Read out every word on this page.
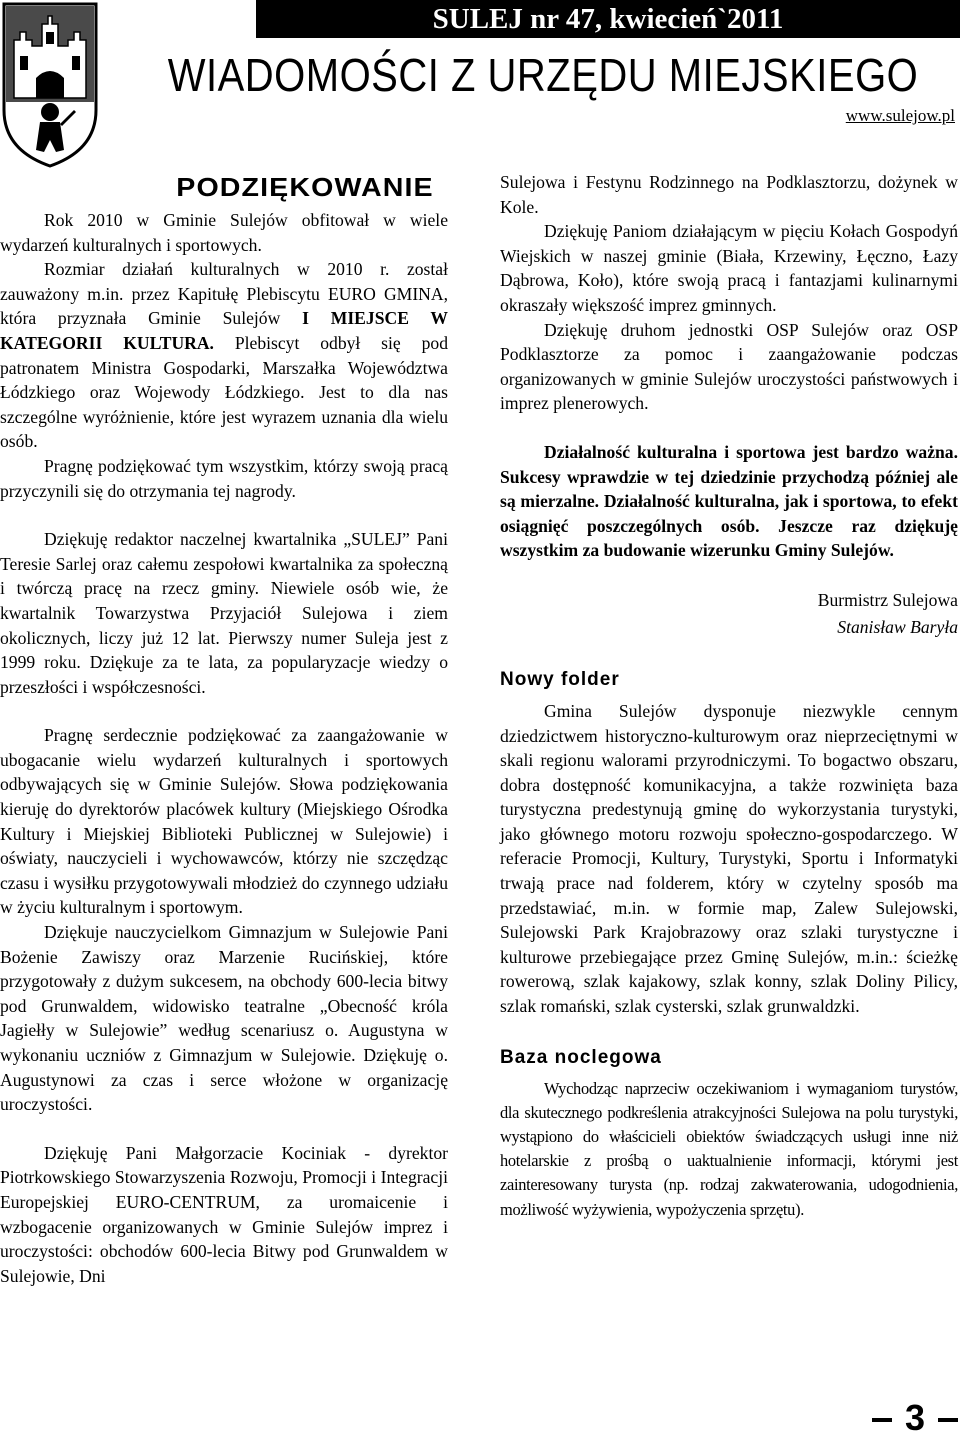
SULEJ nr 47, kwiecień`2011
WIADOMOŚCI Z URZĘDU MIEJSKIEGO
www.sulejow.pl
PODZIĘKOWANIE

Rok 2010 w Gminie Sulejów obfitował w wiele wydarzeń kulturalnych i sportowych.

Rozmiar działań kulturalnych w 2010 r. został zauważony m.in. przez Kapitułę Plebiscytu EURO GMINA, która przyznała Gminie Sulejów I MIEJSCE W KATEGORII KULTURA. Plebiscyt odbył się pod patronatem Ministra Gospodarki, Marszałka Województwa Łódzkiego oraz Wojewody Łódzkiego. Jest to dla nas szczególne wyróżnienie, które jest wyrazem uznania dla wielu osób.

Pragnę podziękować tym wszystkim, którzy swoją pracą przyczynili się do otrzymania tej nagrody.

Dziękuję redaktor naczelnej kwartalnika „SULEJ” Pani Teresie Sarlej oraz całemu zespołowi kwartalnika za społeczną i twórczą pracę na rzecz gminy. Niewiele osób wie, że kwartalnik Towarzystwa Przyjaciół Sulejowa i ziem okolicznych, liczy już 12 lat. Pierwszy numer Suleja jest z 1999 roku. Dziękuje za te lata, za popularyzacje wiedzy o przeszłości i współczesności.

Pragnę serdecznie podziękować za zaangażowanie w ubogacanie wielu wydarzeń kulturalnych i sportowych odbywających się w Gminie Sulejów. Słowa podziękowania kieruję do dyrektorów placówek kultury (Miejskiego Ośrodka Kultury i Miejskiej Biblioteki Publicznej w Sulejowie) i oświaty, nauczycieli i wychowawców, którzy nie szczędząc czasu i wysiłku przygotowywali młodzież do czynnego udziału w życiu kulturalnym i sportowym.

Dziękuje nauczycielkom Gimnazjum w Sulejowie Pani Bożenie Zawiszy oraz Marzenie Rucińskiej, które przygotowały z dużym sukcesem, na obchody 600-lecia bitwy pod Grunwaldem, widowisko teatralne „Obecność króla Jagiełły w Sulejowie” według scenariusz o. Augustyna w wykonaniu uczniów z Gimnazjum w Sulejowie. Dziękuję o. Augustynowi za czas i serce włożone w organizację uroczystości.

Dziękuję Pani Małgorzacie Kociniak - dyrektor Piotrkowskiego Stowarzyszenia Rozwoju, Promocji i Integracji Europejskiej EURO-CENTRUM, za uromaicenie i wzbogacenie organizowanych w Gminie Sulejów imprez i uroczystości: obchodów 600-lecia Bitwy pod Grunwaldem w Sulejowie, Dni

Sulejowa i Festynu Rodzinnego na Podklasztorzu, dożynek w Kole.

Dziękuję Paniom działającym w pięciu Kołach Gospodyń Wiejskich w naszej gminie (Biała, Krzewiny, Łęczno, Łazy Dąbrowa, Koło), które swoją pracą i fantazjami kulinarnymi okraszały większość imprez gminnych.

Dziękuję druhom jednostki OSP Sulejów oraz OSP Podklasztorze za pomoc i zaangażowanie podczas organizowanych w gminie Sulejów uroczystości państwowych i imprez plenerowych.

Działalność kulturalna i sportowa jest bardzo ważna. Sukcesy wprawdzie w tej dziedzinie przychodzą później ale są mierzalne. Działalność kulturalna, jak i sportowa, to efekt osiągnięć poszczególnych osób. Jeszcze raz dziękuję wszystkim za budowanie wizerunku Gminy Sulejów.

Burmistrz Sulejowa

Stanisław Baryła

Nowy folder

Gmina Sulejów dysponuje niezwykle cennym dziedzictwem historyczno-kulturowym oraz nieprzeciętnymi w skali regionu walorami przyrodniczymi. To bogactwo obszaru, dobra dostępność komunikacyjna, a także rozwinięta baza turystyczna predestynują gminę do wykorzystania turystyki, jako głównego motoru rozwoju społeczno-gospodarczego. W referacie Promocji, Kultury, Turystyki, Sportu i Informatyki trwają prace nad folderem, który w czytelny sposób ma przedstawiać, m.in. w formie map, Zalew Sulejowski, Sulejowski Park Krajobrazowy oraz szlaki turystyczne i kulturowe przebiegające przez Gminę Sulejów, m.in.: ścieżkę rowerową, szlak kajakowy, szlak konny, szlak Doliny Pilicy, szlak romański, szlak cysterski, szlak grunwaldzki.

Baza noclegowa

Wychodząc naprzeciw oczekiwaniom i wymaganiom turystów, dla skutecznego podkreślenia atrakcyjności Sulejowa na polu turystyki, wystąpiono do właścicieli obiektów świadczących usługi inne niż hotelarskie z prośbą o uaktualnienie informacji, którymi jest zainteresowany turysta (np. rodzaj zakwaterowania, udogodnienia, możliwość wyżywienia, wypożyczenia sprzętu).

3
